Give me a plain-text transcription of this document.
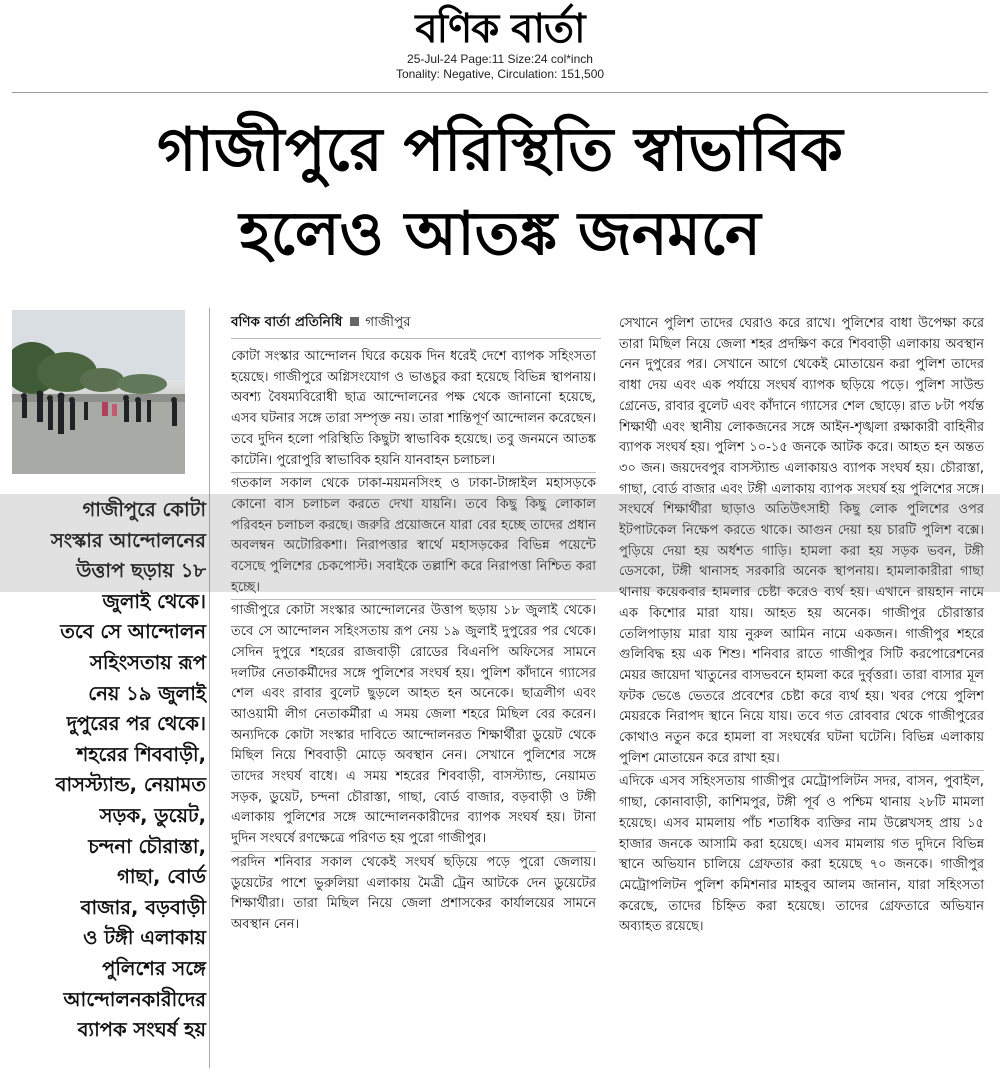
বণিক বার্তা
25-Jul-24 Page:11 Size:24 col*inch
Tonality: Negative, Circulation: 151,500
গাজীপুরে পরিস্থিতি স্বাভাবিক
হলেও আতঙ্ক জনমনে
গাজীপুরে কোটা
সংস্কার আন্দোলনের
উত্তাপ ছড়ায় ১৮
জুলাই থেকে।
তবে সে আন্দোলন
সহিংসতায় রূপ
নেয় ১৯ জুলাই
দুপুরের পর থেকে।
শহরের শিববাড়ী,
বাসস্ট্যান্ড, নেয়ামত
সড়ক, ডুয়েট,
চন্দনা চৌরাস্তা,
গাছা, বোর্ড
বাজার, বড়বাড়ী
ও টঙ্গী এলাকায়
পুলিশের সঙ্গে
আন্দোলনকারীদের
ব্যাপক সংঘর্ষ হয়
বণিক বার্তা প্রতিনিধি গাজীপুর

কোটা সংস্কার আন্দোলন ঘিরে কয়েক দিন ধরেই দেশে ব্যাপক সহিংসতা হয়েছে। গাজীপুরে অগ্নিসংযোগ ও ভাঙচুর করা হয়েছে বিভিন্ন স্থাপনায়। অবশ্য বৈষম্যবিরোধী ছাত্র আন্দোলনের পক্ষ থেকে জানানো হয়েছে, এসব ঘটনার সঙ্গে তারা সম্পৃক্ত নয়। তারা শান্তিপূর্ণ আন্দোলন করেছেন। তবে দুদিন হলো পরিস্থিতি কিছুটা স্বাভাবিক হয়েছে। তবু জনমনে আতঙ্ক কাটেনি। পুরোপুরি স্বাভাবিক হয়নি যানবাহন চলাচল।

গতকাল সকাল থেকে ঢাকা-ময়মনসিংহ ও ঢাকা-টাঙ্গাইল মহাসড়কে কোনো বাস চলাচল করতে দেখা যায়নি। তবে কিছু কিছু লোকাল পরিবহন চলাচল করছে। জরুরি প্রয়োজনে যারা বের হচ্ছে তাদের প্রধান অবলম্বন অটোরিকশা। নিরাপত্তার স্বার্থে মহাসড়কের বিভিন্ন পয়েন্টে বসেছে পুলিশের চেকপোস্ট। সবাইকে তল্লাশি করে নিরাপত্তা নিশ্চিত করা হচ্ছে।

গাজীপুরে কোটা সংস্কার আন্দোলনের উত্তাপ ছড়ায় ১৮ জুলাই থেকে। তবে সে আন্দোলন সহিংসতায় রূপ নেয় ১৯ জুলাই দুপুরের পর থেকে। সেদিন দুপুরে শহরের রাজবাড়ী রোডের বিএনপি অফিসের সামনে দলটির নেতাকর্মীদের সঙ্গে পুলিশের সংঘর্ষ হয়। পুলিশ কাঁদানে গ্যাসের শেল এবং রাবার বুলেট ছুড়লে আহত হন অনেকে। ছাত্রলীগ এবং আওয়ামী লীগ নেতাকর্মীরা এ সময় জেলা শহরে মিছিল বের করেন। অন্যদিকে কোটা সংস্কার দাবিতে আন্দোলনরত শিক্ষার্থীরা ডুয়েট থেকে মিছিল নিয়ে শিববাড়ী মোড়ে অবস্থান নেন। সেখানে পুলিশের সঙ্গে তাদের সংঘর্ষ বাধে। এ সময় শহরের শিববাড়ী, বাসস্ট্যান্ড, নেয়ামত সড়ক, ডুয়েট, চন্দনা চৌরাস্তা, গাছা, বোর্ড বাজার, বড়বাড়ী ও টঙ্গী এলাকায় পুলিশের সঙ্গে আন্দোলনকারীদের ব্যাপক সংঘর্ষ হয়। টানা দুদিন সংঘর্ষে রণক্ষেত্রে পরিণত হয় পুরো গাজীপুর।

পরদিন শনিবার সকাল থেকেই সংঘর্ষ ছড়িয়ে পড়ে পুরো জেলায়। ডুয়েটের পাশে ভুরুলিয়া এলাকায় মৈত্রী ট্রেন আটকে দেন ডুয়েটের শিক্ষার্থীরা। তারা মিছিল নিয়ে জেলা প্রশাসকের কার্যালয়ের সামনে অবস্থান নেন।

সেখানে পুলিশ তাদের ঘেরাও করে রাখে। পুলিশের বাধা উপেক্ষা করে তারা মিছিল নিয়ে জেলা শহর প্রদক্ষিণ করে শিববাড়ী এলাকায় অবস্থান নেন দুপুরের পর। সেখানে আগে থেকেই মোতায়েন করা পুলিশ তাদের বাধা দেয় এবং এক পর্যায়ে সংঘর্ষ ব্যাপক ছড়িয়ে পড়ে। পুলিশ সাউন্ড গ্রেনেড, রাবার বুলেট এবং কাঁদানে গ্যাসের শেল ছোড়ে। রাত ৮টা পর্যন্ত শিক্ষার্থী এবং স্থানীয় লোকজনের সঙ্গে আইন-শৃঙ্খলা রক্ষাকারী বাহিনীর ব্যাপক সংঘর্ষ হয়। পুলিশ ১০-১৫ জনকে আটক করে। আহত হন অন্তত ৩০ জন। জয়দেবপুর বাসস্ট্যান্ড এলাকায়ও ব্যাপক সংঘর্ষ হয়। চৌরাস্তা, গাছা, বোর্ড বাজার এবং টঙ্গী এলাকায় ব্যাপক সংঘর্ষ হয় পুলিশের সঙ্গে। সংঘর্ষে শিক্ষার্থীরা ছাড়াও অতিউৎসাহী কিছু লোক পুলিশের ওপর ইটপাটকেল নিক্ষেপ করতে থাকে। আগুন দেয়া হয় চারটি পুলিশ বক্সে। পুড়িয়ে দেয়া হয় অর্ধশত গাড়ি। হামলা করা হয় সড়ক ভবন, টঙ্গী ডেসকো, টঙ্গী থানাসহ সরকারি অনেক স্থাপনায়। হামলাকারীরা গাছা থানায় কয়েকবার হামলার চেষ্টা করেও ব্যর্থ হয়। এখানে রায়হান নামে এক কিশোর মারা যায়। আহত হয় অনেক। গাজীপুর চৌরাস্তার তেলিপাড়ায় মারা যায় নুরুল আমিন নামে একজন। গাজীপুর শহরে গুলিবিদ্ধ হয় এক শিশু। শনিবার রাতে গাজীপুর সিটি করপোরেশনের মেয়র জায়েদা খাতুনের বাসভবনে হামলা করে দুর্বৃত্তরা। তারা বাসার মূল ফটক ভেঙে ভেতরে প্রবেশের চেষ্টা করে ব্যর্থ হয়। খবর পেয়ে পুলিশ মেয়রকে নিরাপদ স্থানে নিয়ে যায়। তবে গত রোববার থেকে গাজীপুরের কোথাও নতুন করে হামলা বা সংঘর্ষের ঘটনা ঘটেনি। বিভিন্ন এলাকায় পুলিশ মোতায়েন করে রাখা হয়।

এদিকে এসব সহিংসতায় গাজীপুর মেট্রোপলিটন সদর, বাসন, পুবাইল, গাছা, কোনাবাড়ী, কাশিমপুর, টঙ্গী পূর্ব ও পশ্চিম থানায় ২৮টি মামলা হয়েছে। এসব মামলায় পাঁচ শতাধিক ব্যক্তির নাম উল্লেখসহ প্রায় ১৫ হাজার জনকে আসামি করা হয়েছে। এসব মামলায় গত দুদিনে বিভিন্ন স্থানে অভিযান চালিয়ে গ্রেফতার করা হয়েছে ৭০ জনকে। গাজীপুর মেট্রোপলিটন পুলিশ কমিশনার মাহবুব আলম জানান, যারা সহিংসতা করেছে, তাদের চিহ্নিত করা হয়েছে। তাদের গ্রেফতারে অভিযান অব্যাহত রয়েছে।
